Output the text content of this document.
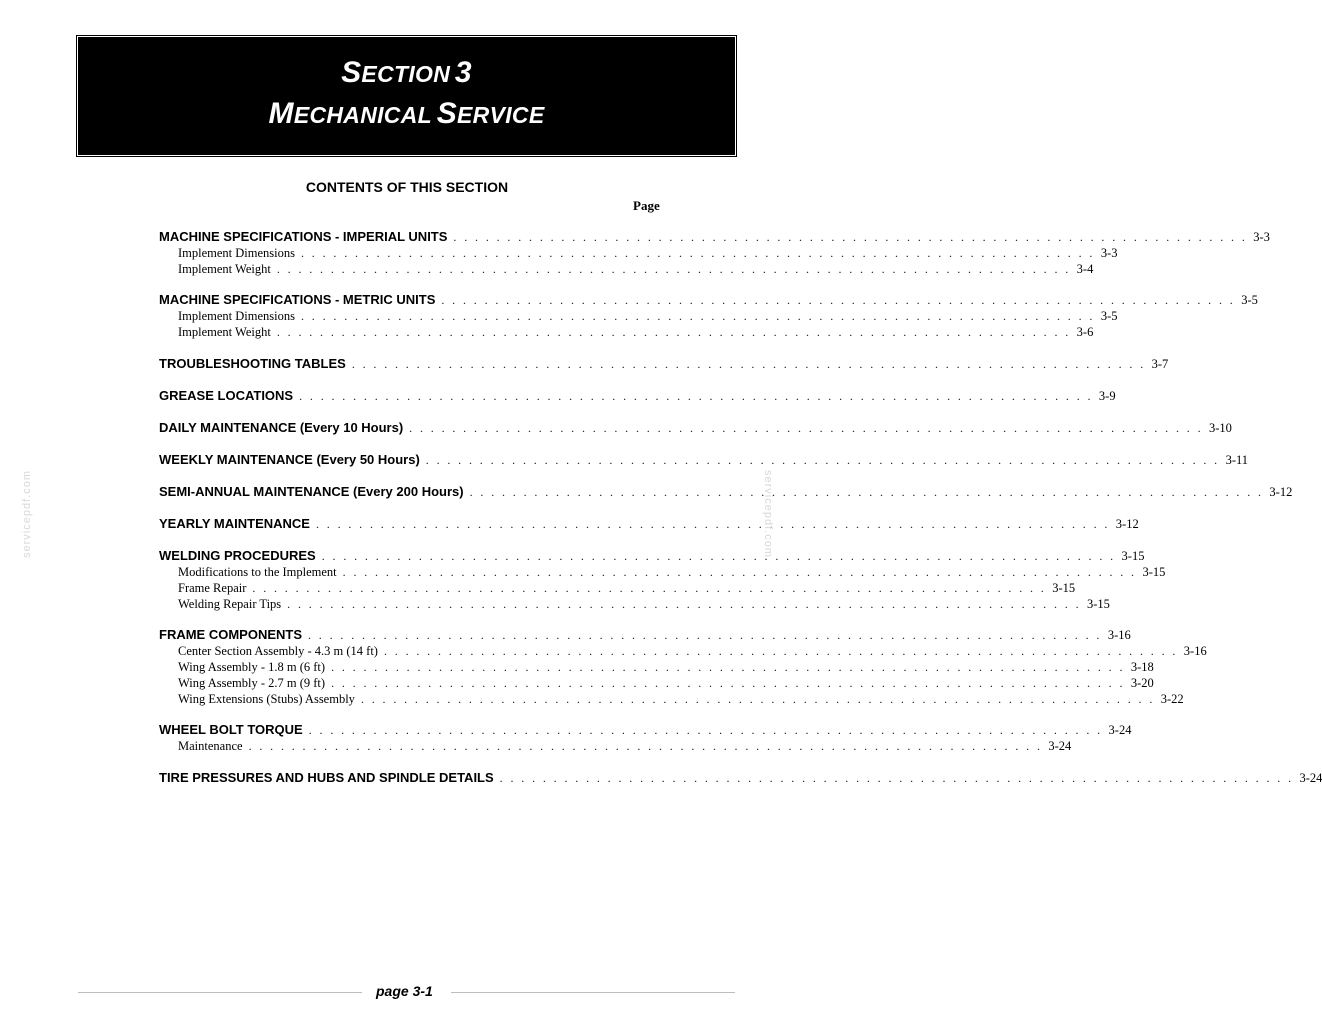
SECTION 3
MECHANICAL SERVICE
CONTENTS OF THIS SECTION
Page
MACHINE SPECIFICATIONS - IMPERIAL UNITS . . . . . . . . . . . . . . . . . . . . . . . . . . . . . . . . . . . . . . . . . . . . . . . . . . . . . . . . . . . . . . . . . . . . . . . . . . 3-3
Implement Dimensions . . . . . . . . . . . . . . . . . . . . . . . . . . . . . . . . . . . . . . . . . . . . . . . . . . . . . . . . . . . . . . . . . . . . . . . . . . 3-3
Implement Weight . . . . . . . . . . . . . . . . . . . . . . . . . . . . . . . . . . . . . . . . . . . . . . . . . . . . . . . . . . . . . . . . . . . . . . . . . . 3-4
MACHINE SPECIFICATIONS - METRIC UNITS . . . . . . . . . . . . . . . . . . . . . . . . . . . . . . . . . . . . . . . . . . . . . . . . . . . . . . . . . . . . . . . . . . . . . . . . . . 3-5
Implement Dimensions . . . . . . . . . . . . . . . . . . . . . . . . . . . . . . . . . . . . . . . . . . . . . . . . . . . . . . . . . . . . . . . . . . . . . . . . . . 3-5
Implement Weight . . . . . . . . . . . . . . . . . . . . . . . . . . . . . . . . . . . . . . . . . . . . . . . . . . . . . . . . . . . . . . . . . . . . . . . . . . 3-6
TROUBLESHOOTING TABLES . . . . . . . . . . . . . . . . . . . . . . . . . . . . . . . . . . . . . . . . . . . . . . . . . . . . . . . . . . . . . . . . . . . . . . . . . . 3-7
GREASE LOCATIONS . . . . . . . . . . . . . . . . . . . . . . . . . . . . . . . . . . . . . . . . . . . . . . . . . . . . . . . . . . . . . . . . . . . . . . . . . . 3-9
DAILY MAINTENANCE (Every 10 Hours) . . . . . . . . . . . . . . . . . . . . . . . . . . . . . . . . . . . . . . . . . . . . . . . . . . . . . . . . . . . . . . . . . . . . . . . . . . 3-10
WEEKLY MAINTENANCE (Every 50 Hours) . . . . . . . . . . . . . . . . . . . . . . . . . . . . . . . . . . . . . . . . . . . . . . . . . . . . . . . . . . . . . . . . . . . . . . . . . . 3-11
SEMI-ANNUAL MAINTENANCE (Every 200 Hours) . . . . . . . . . . . . . . . . . . . . . . . . . . . . . . . . . . . . . . . . . . . . . . . . . . . . . . . . . . . . . . . . . . . . . . . . . . 3-12
YEARLY MAINTENANCE . . . . . . . . . . . . . . . . . . . . . . . . . . . . . . . . . . . . . . . . . . . . . . . . . . . . . . . . . . . . . . . . . . . . . . . . . . 3-12
WELDING PROCEDURES . . . . . . . . . . . . . . . . . . . . . . . . . . . . . . . . . . . . . . . . . . . . . . . . . . . . . . . . . . . . . . . . . . . . . . . . . . 3-15
Modifications to the Implement . . . . . . . . . . . . . . . . . . . . . . . . . . . . . . . . . . . . . . . . . . . . . . . . . . . . . . . . . . . . . . . . . . . . . . . . . . 3-15
Frame Repair . . . . . . . . . . . . . . . . . . . . . . . . . . . . . . . . . . . . . . . . . . . . . . . . . . . . . . . . . . . . . . . . . . . . . . . . . . 3-15
Welding Repair Tips . . . . . . . . . . . . . . . . . . . . . . . . . . . . . . . . . . . . . . . . . . . . . . . . . . . . . . . . . . . . . . . . . . . . . . . . . . 3-15
FRAME COMPONENTS . . . . . . . . . . . . . . . . . . . . . . . . . . . . . . . . . . . . . . . . . . . . . . . . . . . . . . . . . . . . . . . . . . . . . . . . . . 3-16
Center Section Assembly - 4.3 m (14 ft) . . . . . . . . . . . . . . . . . . . . . . . . . . . . . . . . . . . . . . . . . . . . . . . . . . . . . . . . . . . . . . . . . . . . . . . . . . 3-16
Wing Assembly - 1.8 m (6 ft) . . . . . . . . . . . . . . . . . . . . . . . . . . . . . . . . . . . . . . . . . . . . . . . . . . . . . . . . . . . . . . . . . . . . . . . . . . 3-18
Wing Assembly - 2.7 m (9 ft) . . . . . . . . . . . . . . . . . . . . . . . . . . . . . . . . . . . . . . . . . . . . . . . . . . . . . . . . . . . . . . . . . . . . . . . . . . 3-20
Wing Extensions (Stubs) Assembly . . . . . . . . . . . . . . . . . . . . . . . . . . . . . . . . . . . . . . . . . . . . . . . . . . . . . . . . . . . . . . . . . . . . . . . . . . 3-22
WHEEL BOLT TORQUE . . . . . . . . . . . . . . . . . . . . . . . . . . . . . . . . . . . . . . . . . . . . . . . . . . . . . . . . . . . . . . . . . . . . . . . . . . 3-24
Maintenance . . . . . . . . . . . . . . . . . . . . . . . . . . . . . . . . . . . . . . . . . . . . . . . . . . . . . . . . . . . . . . . . . . . . . . . . . . 3-24
TIRE PRESSURES AND HUBS AND SPINDLE DETAILS . . . . . . . . . . . . . . . . . . . . . . . . . . . . . . . . . . . . . . . . . . . . . . . . . . . . . . . . . . . . . . . . . . . . . . . . . . 3-24
servicepdf.com	servicepdf.com
page 3-1
